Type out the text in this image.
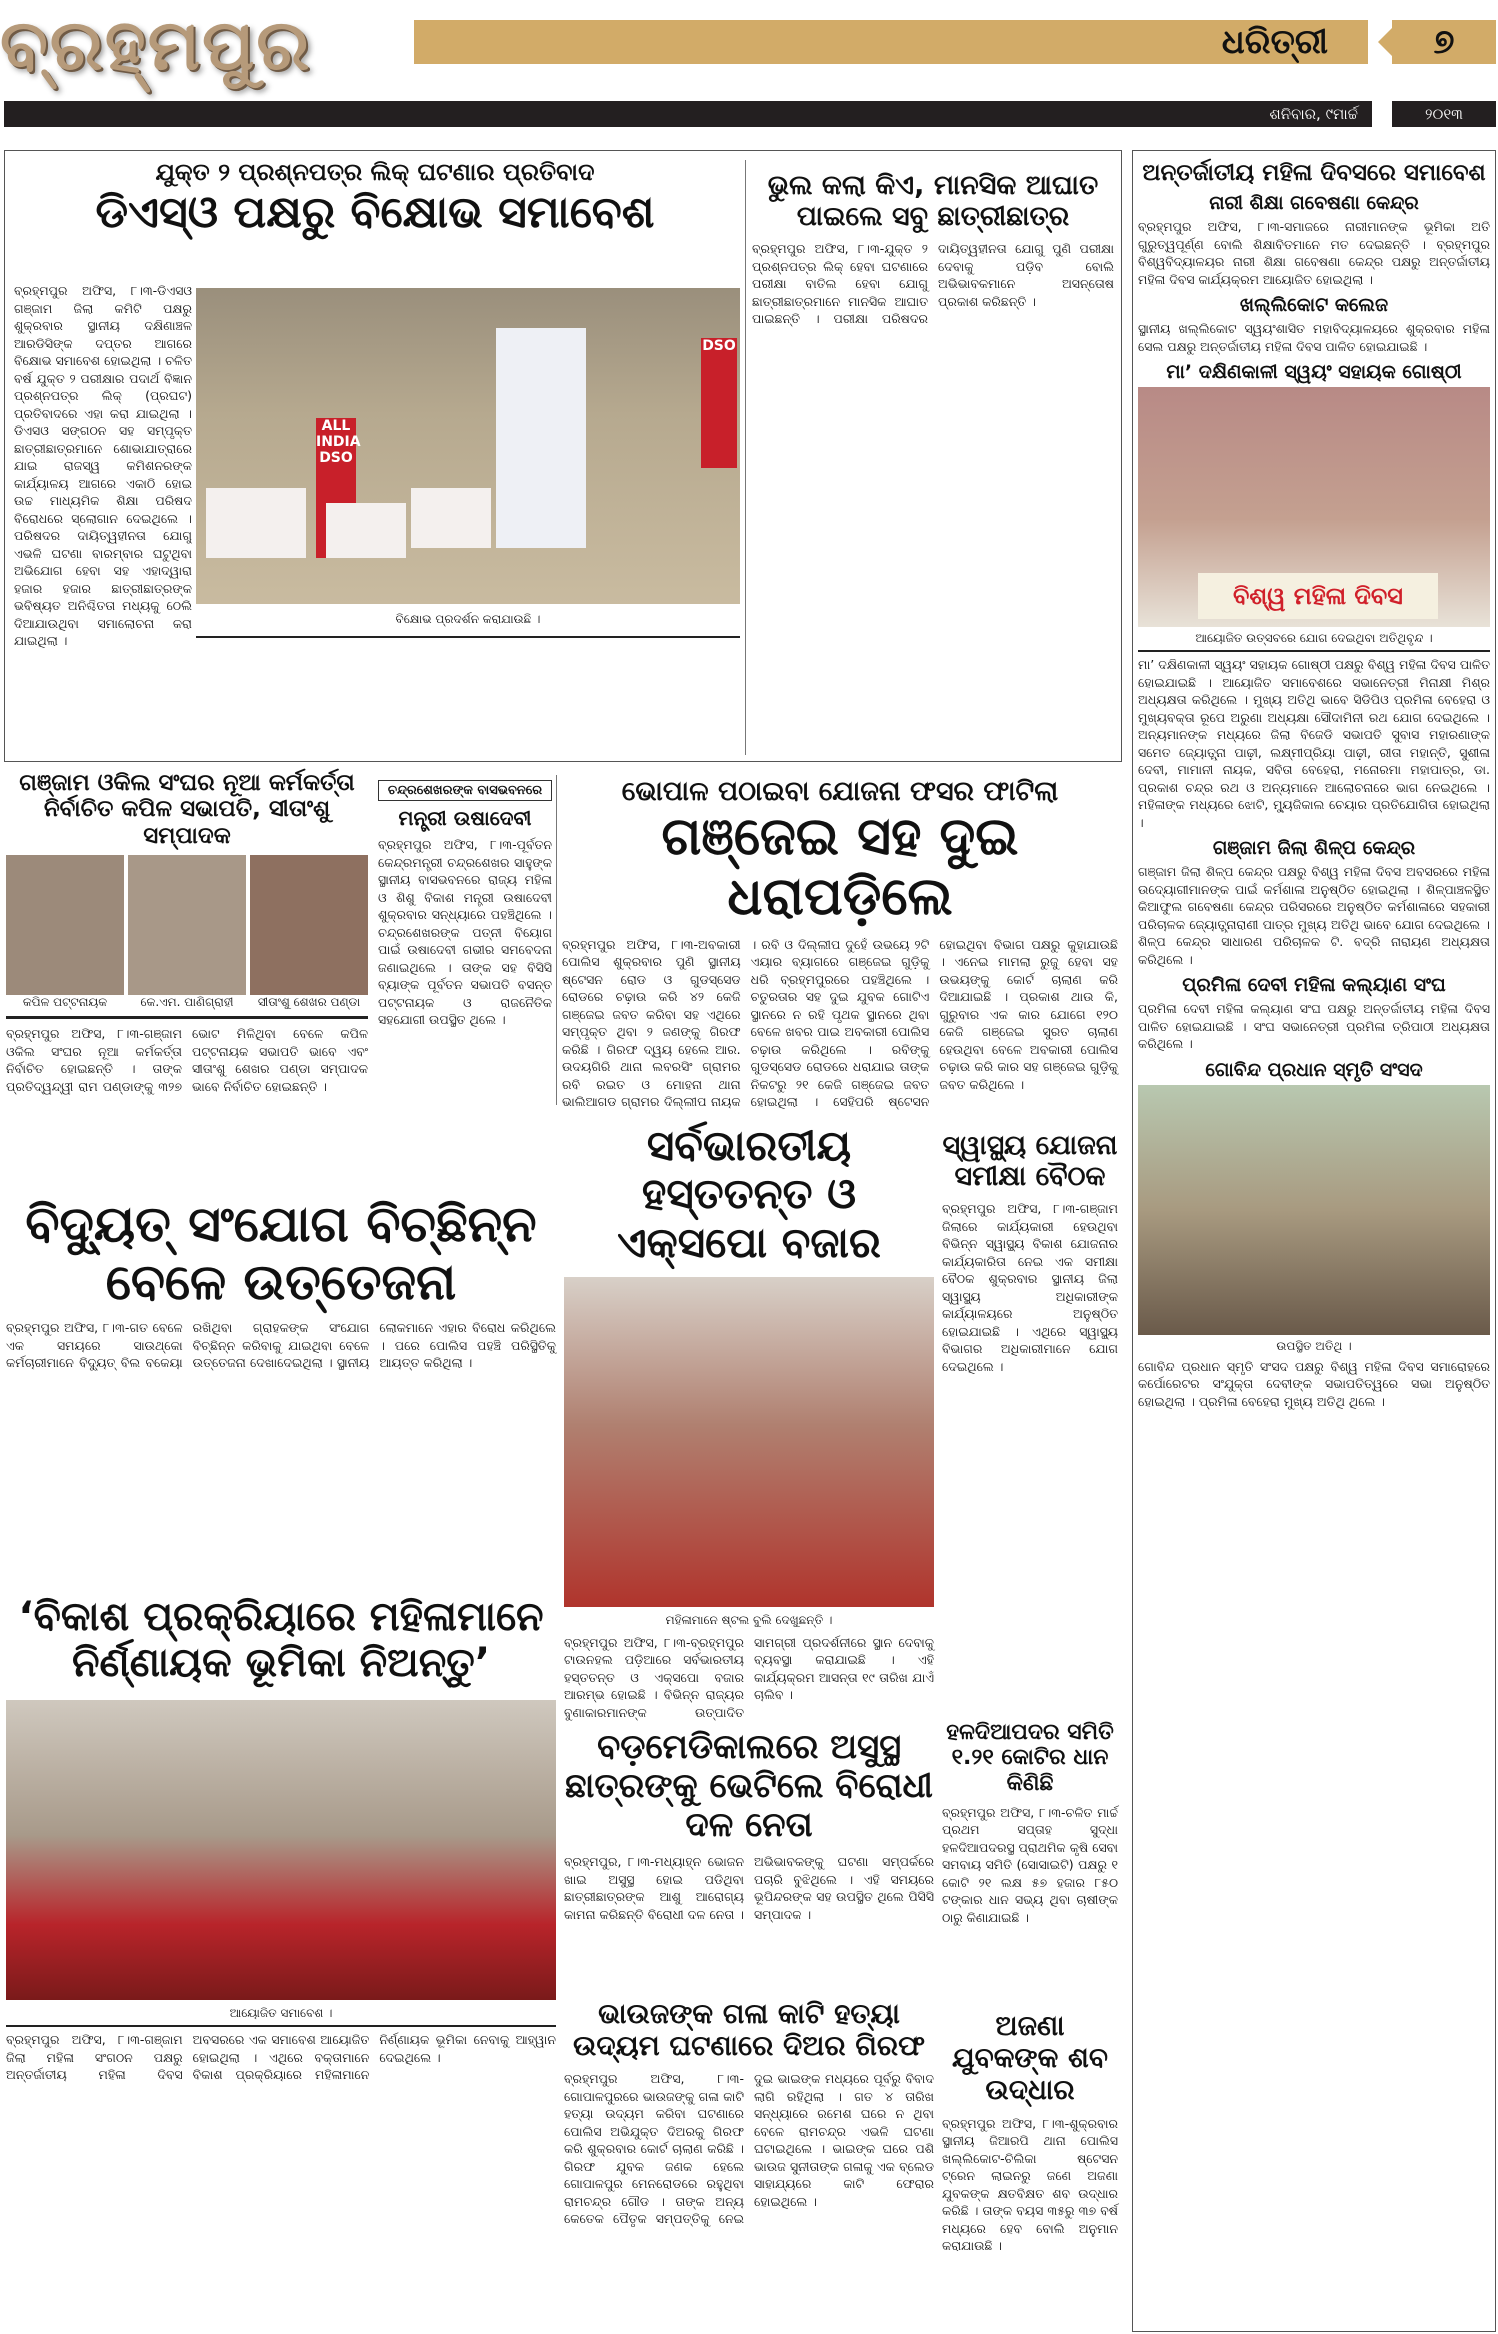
ବ୍ରହ୍ମପୁର	ଧରିତ୍ରୀ	୭
ଶନିବାର, ୯ମାର୍ଚ୍ଚ	୨୦୧୩
ଯୁକ୍ତ ୨ ପ୍ରଶ୍ନପତ୍ର ଲିକ୍ ଘଟଣାର ପ୍ରତିବାଦ
ଡିଏସ୍‌ଓ ପକ୍ଷରୁ ବିକ୍ଷୋଭ ସମାବେଶ
ବ୍ରହ୍ମପୁର ଅଫିସ, ୮।୩-ଡିଏସଓ ଗଞ୍ଜାମ ଜିଲା କମିଟି ପକ୍ଷରୁ ଶୁକ୍ରବାର ସ୍ଥାନୀୟ ଦକ୍ଷିଣାଞ୍ଚଳ ଆରଡିସିଙ୍କ ଦପ୍ତର ଆଗରେ ବିକ୍ଷୋଭ ସମାବେଶ ହୋଇଥିଲା । ଚଳିତ ବର୍ଷ ଯୁକ୍ତ ୨ ପରୀକ୍ଷାର ପଦାର୍ଥ ବିଜ୍ଞାନ ପ୍ରଶ୍ନପତ୍ର ଲିକ୍ (ପ୍ରଘଟ) ପ୍ରତିବାଦରେ ଏହା କରା ଯାଇଥିଲା । ଡିଏସଓ ସଙ୍ଗଠନ ସହ ସମ୍ପୃକ୍ତ ଛାତ୍ରୀଛାତ୍ରମାନେ ଶୋଭାଯାତ୍ରାରେ ଯାଇ ରାଜସ୍ୱ କମିଶନରଙ୍କ କାର୍ଯ୍ୟାଳୟ ଆଗରେ ଏକାଠି ହୋଇ ଉଚ୍ଚ ମାଧ୍ୟମିକ ଶିକ୍ଷା ପରିଷଦ ବିରୋଧରେ ସ୍ଲୋଗାନ ଦେଇଥିଲେ । ପରିଷଦର ଦାୟିତ୍ୱହୀନତା ଯୋଗୁ ଏଭଳି ଘଟଣା ବାରମ୍ବାର ଘଟୁଥିବା ଅଭିଯୋଗ ହେବା ସହ ଏହାଦ୍ୱାରା ହଜାର ହଜାର ଛାତ୍ରୀଛାତ୍ରଙ୍କ ଭବିଷ୍ୟତ ଅନିଶ୍ଚିତତା ମଧ୍ୟକୁ ଠେଲି ଦିଆଯାଉଥିବା ସମାଲୋଚନା କରା ଯାଇଥିଲା ।
ALL INDIA DSO
DSO
ବିକ୍ଷୋଭ ପ୍ରଦର୍ଶନ କରାଯାଉଛି ।
ଭୁଲ କଲା କିଏ, ମାନସିକ ଆଘାତ ପାଇଲେ ସବୁ ଛାତ୍ରୀଛାତ୍ର
ବ୍ରହ୍ମପୁର ଅଫିସ, ୮।୩-ଯୁକ୍ତ ୨ ପ୍ରଶ୍ନପତ୍ର ଲିକ୍ ହେବା ଘଟଣାରେ ପରୀକ୍ଷା ବାତିଲ ହେବା ଯୋଗୁ ଛାତ୍ରୀଛାତ୍ରମାନେ ମାନସିକ ଆଘାତ ପାଇଛନ୍ତି । ପରୀକ୍ଷା ପରିଷଦର ଦାୟିତ୍ୱହୀନତା ଯୋଗୁ ପୁଣି ପରୀକ୍ଷା ଦେବାକୁ ପଡ଼ିବ ବୋଲି ଅଭିଭାବକମାନେ ଅସନ୍ତୋଷ ପ୍ରକାଶ କରିଛନ୍ତି ।
ଗଞ୍ଜାମ ଓକିଲ ସଂଘର ନୂଆ କର୍ମକର୍ତ୍ତା ନିର୍ବାଚିତ କପିଳ ସଭାପତି, ସୀତାଂଶୁ ସମ୍ପାଦକ
କପିଳ ପଟ୍ଟନାୟକ	କେ.ଏମ. ପାଣିଗ୍ରାହୀ	ସୀତାଂଶୁ ଶେଖର ପଣ୍ଡା
ବ୍ରହ୍ମପୁର ଅଫିସ, ୮।୩-ଗଞ୍ଜାମ ଓକିଲ ସଂଘର ନୂଆ କର୍ମକର୍ତ୍ତା ନିର୍ବାଚିତ ହୋଇଛନ୍ତି । ତାଙ୍କ ପ୍ରତିଦ୍ୱନ୍ଦ୍ୱୀ ରାମ ପଣ୍ଡାଙ୍କୁ ୩୨୭ ଭୋଟ ମିଳିଥିବା ବେଳେ କପିଳ ପଟ୍ଟନାୟକ ସଭାପତି ଭାବେ ଏବଂ ସୀତାଂଶୁ ଶେଖର ପଣ୍ଡା ସମ୍ପାଦକ ଭାବେ ନିର୍ବାଚିତ ହୋଇଛନ୍ତି ।
ଚନ୍ଦ୍ରଶେଖରଙ୍କ ବାସଭବନରେ
ମନ୍ତ୍ରୀ ଉଷାଦେବୀ
ବ୍ରହ୍ମପୁର ଅଫିସ, ୮।୩-ପୂର୍ବତନ କେନ୍ଦ୍ରମନ୍ତ୍ରୀ ଚନ୍ଦ୍ରଶେଖର ସାହୁଙ୍କ ସ୍ଥାନୀୟ ବାସଭବନରେ ରାଜ୍ୟ ମହିଳା ଓ ଶିଶୁ ବିକାଶ ମନ୍ତ୍ରୀ ଉଷାଦେବୀ ଶୁକ୍ରବାର ସନ୍ଧ୍ୟାରେ ପହଞ୍ଚିଥିଲେ । ଚନ୍ଦ୍ରଶେଖରଙ୍କ ପତ୍ନୀ ବିୟୋଗ ପାଇଁ ଉଷାଦେବୀ ଗଭୀର ସମବେଦନା ଜଣାଇଥିଲେ । ତାଙ୍କ ସହ ବିସିସି ବ୍ୟାଙ୍କ ପୂର୍ବତନ ସଭାପତି ବସନ୍ତ ପଟ୍ଟନାୟକ ଓ ରାଜନୈତିକ ସହଯୋଗୀ ଉପସ୍ଥିତ ଥିଲେ ।
ଭୋପାଳ ପଠାଇବା ଯୋଜନା ଫସର ଫାଟିଲା
ଗଞ୍ଜେଇ ସହ ଦୁଇ ଧରାପଡ଼ିଲେ
ବ୍ରହ୍ମପୁର ଅଫିସ, ୮।୩-ଅବକାରୀ ପୋଲିସ ଶୁକ୍ରବାର ପୁଣି ସ୍ଥାନୀୟ ଷ୍ଟେସନ ରୋଡ ଓ ଗୁଡସ୍‌ସେଡ ରୋଡରେ ଚଢ଼ାଉ କରି ୪୨ କେଜି ଗଞ୍ଜେଇ ଜବତ କରିବା ସହ ଏଥିରେ ସମ୍ପୃକ୍ତ ଥିବା ୨ ଜଣଙ୍କୁ ଗିରଫ କରିଛି । ଗିରଫ ଦ୍ୱୟ ହେଲେ ଆର. ଉଦୟଗିରି ଥାନା ଲବରସିଂ ଗ୍ରାମର ରବି ରଇତ ଓ ମୋହନା ଥାନା ଭାଲିଆଗଡ ଗ୍ରାମର ଦିଲ୍ଲୀପ ନାୟକ । ରବି ଓ ଦିଲ୍ଲୀପ ଦୁହେଁ ଉଭୟେ ୨ଟି ଏୟାର ବ୍ୟାଗରେ ଗଞ୍ଜେଇ ଗୁଡ଼ିକୁ ଧରି ବ୍ରହ୍ମପୁରରେ ପହଞ୍ଚିଥିଲେ । ଚତୁରତାର ସହ ଦୁଇ ଯୁବକ ଗୋଟିଏ ସ୍ଥାନରେ ନ ରହି ପୃଥକ ସ୍ଥାନରେ ଥିବା ବେଳେ ଖବର ପାଇ ଅବକାରୀ ପୋଲିସ ଚଢ଼ାଉ କରିଥିଲେ । ରବିଙ୍କୁ ଗୁଡସ୍‌ସେଡ ରୋଡରେ ଧରାଯାଇ ତାଙ୍କ ନିକଟରୁ ୨୧ କେଜି ଗଞ୍ଜେଇ ଜବତ ହୋଇଥିଲା । ସେହିପରି ଷ୍ଟେସନ ହୋଇଥିବା ବିଭାଗ ପକ୍ଷରୁ କୁହାଯାଉଛି । ଏନେଇ ମାମଲା ରୁଜୁ ହେବା ସହ ଉଭୟଙ୍କୁ କୋର୍ଟ ଚାଲାଣ କରି ଦିଆଯାଇଛି । ପ୍ରକାଶ ଥାଉ କି, ଗୁରୁବାର ଏକ କାର ଯୋଗେ ୧୨୦ କେଜି ଗଞ୍ଜେଇ ସୁରତ ଚାଲାଣ ହେଉଥିବା ବେଳେ ଅବକାରୀ ପୋଲିସ ଚଢ଼ାଉ କରି କାର ସହ ଗଞ୍ଜେଇ ଗୁଡ଼ିକୁ ଜବତ କରିଥିଲେ ।
ସର୍ବଭାରତୀୟ ହସ୍ତତନ୍ତ ଓ ଏକ୍ସପୋ ବଜାର
ମହିଳାମାନେ ଷ୍ଟଲ ବୁଲି ଦେଖୁଛନ୍ତି ।
ବ୍ରହ୍ମପୁର ଅଫିସ, ୮।୩-ବ୍ରହ୍ମପୁର ଟାଉନହଲ ପଡ଼ିଆରେ ସର୍ବଭାରତୀୟ ହସ୍ତତନ୍ତ ଓ ଏକ୍ସପୋ ବଜାର ଆରମ୍ଭ ହୋଇଛି । ବିଭିନ୍ନ ରାଜ୍ୟର ବୁଣାକାରମାନଙ୍କ ଉତ୍ପାଦିତ ସାମଗ୍ରୀ ପ୍ରଦର୍ଶନୀରେ ସ୍ଥାନ ଦେବାକୁ ବ୍ୟବସ୍ଥା କରାଯାଇଛି । ଏହି କାର୍ଯ୍ୟକ୍ରମ ଆସନ୍ତା ୧୯ ତାରିଖ ଯାଏଁ ଚାଲିବ ।
ସ୍ୱାସ୍ଥ୍ୟ ଯୋଜନା ସମୀକ୍ଷା ବୈଠକ
ବ୍ରହ୍ମପୁର ଅଫିସ, ୮।୩-ଗଞ୍ଜାମ ଜିଲାରେ କାର୍ଯ୍ୟକାରୀ ହେଉଥିବା ବିଭିନ୍ନ ସ୍ୱାସ୍ଥ୍ୟ ବିକାଶ ଯୋଜନାର କାର୍ଯ୍ୟକାରିତା ନେଇ ଏକ ସମୀକ୍ଷା ବୈଠକ ଶୁକ୍ରବାର ସ୍ଥାନୀୟ ଜିଲା ସ୍ୱାସ୍ଥ୍ୟ ଅଧିକାରୀଙ୍କ କାର୍ଯ୍ୟାଳୟରେ ଅନୁଷ୍ଠିତ ହୋଇଯାଇଛି । ଏଥିରେ ସ୍ୱାସ୍ଥ୍ୟ ବିଭାଗର ଅଧିକାରୀମାନେ ଯୋଗ ଦେଇଥିଲେ ।
ବିଦ୍ୟୁତ୍ ସଂଯୋଗ ବିଚ୍ଛିନ୍ନ ବେଳେ ଉତ୍ତେଜନା
ବ୍ରହ୍ମପୁର ଅଫିସ, ୮।୩-ଗତ ବେଳେ ଏକ ସମୟରେ ସାଉଥ୍‌କୋ କର୍ମଚାରୀମାନେ ବିଦ୍ୟୁତ୍ ବିଲ ବକେୟା ରଖିଥିବା ଗ୍ରାହକଙ୍କ ସଂଯୋଗ ବିଚ୍ଛିନ୍ନ କରିବାକୁ ଯାଇଥିବା ବେଳେ ଉତ୍ତେଜନା ଦେଖାଦେଇଥିଲା । ସ୍ଥାନୀୟ ଲୋକମାନେ ଏହାର ବିରୋଧ କରିଥିଲେ । ପରେ ପୋଲିସ ପହଞ୍ଚି ପରିସ୍ଥିତିକୁ ଆୟତ୍ତ କରିଥିଲା ।
‘ବିକାଶ ପ୍ରକ୍ରିୟାରେ ମହିଳାମାନେ ନିର୍ଣ୍ଣାୟକ ଭୂମିକା ନିଅନ୍ତୁ’
ଆୟୋଜିତ ସମାବେଶ ।
ବ୍ରହ୍ମପୁର ଅଫିସ, ୮।୩-ଗଞ୍ଜାମ ଜିଲା ମହିଳା ସଂଗଠନ ପକ୍ଷରୁ ଅନ୍ତର୍ଜାତୀୟ ମହିଳା ଦିବସ ଅବସରରେ ଏକ ସମାବେଶ ଆୟୋଜିତ ହୋଇଥିଲା । ଏଥିରେ ବକ୍ତାମାନେ ବିକାଶ ପ୍ରକ୍ରିୟାରେ ମହିଳାମାନେ ନିର୍ଣ୍ଣାୟକ ଭୂମିକା ନେବାକୁ ଆହ୍ୱାନ ଦେଇଥିଲେ ।
ବଡ଼ମେଡିକାଲରେ ଅସୁସ୍ଥ ଛାତ୍ରଙ୍କୁ ଭେଟିଲେ ବିରୋଧୀ ଦଳ ନେତା
ବ୍ରହ୍ମପୁର, ୮।୩-ମଧ୍ୟାହ୍ନ ଭୋଜନ ଖାଇ ଅସୁସ୍ଥ ହୋଇ ପଡିଥିବା ଛାତ୍ରୀଛାତ୍ରଙ୍କ ଆଶୁ ଆରୋଗ୍ୟ କାମନା କରିଛନ୍ତି ବିରୋଧୀ ଦଳ ନେତା । ଅଭିଭାବକଙ୍କୁ ଘଟଣା ସମ୍ପର୍କରେ ପଚାରି ବୁଝିଥିଲେ । ଏହି ସମୟରେ ଭୂପିନ୍ଦରଙ୍କ ସହ ଉପସ୍ଥିତ ଥିଲେ ପିସିସି ସମ୍ପାଦକ ।
ଭାଉଜଙ୍କ ଗଳା କାଟି ହତ୍ୟା ଉଦ୍ୟମ ଘଟଣାରେ ଦିଅର ଗିରଫ
ବ୍ରହ୍ମପୁର ଅଫିସ, ୮।୩- ଗୋପାଳପୁରରେ ଭାଉଜଙ୍କୁ ଗଳା କାଟି ହତ୍ୟା ଉଦ୍ୟମ କରିବା ଘଟଣାରେ ପୋଲିସ ଅଭିଯୁକ୍ତ ଦିଅରକୁ ଗିରଫ କରି ଶୁକ୍ରବାର କୋର୍ଟ ଚାଲାଣ କରିଛି । ଗିରଫ ଯୁବକ ଜଣକ ହେଲେ ଗୋପାଳପୁର ମେନରୋଡରେ ରହୁଥିବା ରାମଚନ୍ଦ୍ର ଗୌଡ । ତାଙ୍କ ଅନ୍ୟ କେତେକ ପୈତୃକ ସମ୍ପତ୍ତିକୁ ନେଇ ଦୁଇ ଭାଇଙ୍କ ମଧ୍ୟରେ ପୂର୍ବରୁ ବିବାଦ ଲାଗି ରହିଥିଲା । ଗତ ୪ ତାରିଖ ସନ୍ଧ୍ୟାରେ ରମେଶ ଘରେ ନ ଥିବା ବେଳେ ରାମଚନ୍ଦ୍ର ଏଭଳି ଘଟଣା ଘଟାଇଥିଲେ । ଭାଇଙ୍କ ଘରେ ପଶି ଭାଉଜ ସୁନୀତାଙ୍କ ଗଳାକୁ ଏକ ବ୍ଲେଡ ସାହାଯ୍ୟରେ କାଟି ଫେରାର ହୋଇଥିଲେ ।
ହଳଦିଆପଦର ସମିତି ୧.୨୧ କୋଟିର ଧାନ କିଣିଛି
ବ୍ରହ୍ମପୁର ଅଫିସ, ୮।୩-ଚଳିତ ମାର୍ଚ୍ଚ ପ୍ରଥମ ସପ୍ତାହ ସୁଦ୍ଧା ହଳଦିଆପଦରସ୍ଥ ପ୍ରାଥମିକ କୃଷି ସେବା ସମବାୟ ସମିତି (ସୋସାଇଟି) ପକ୍ଷରୁ ୧ କୋଟି ୨୧ ଲକ୍ଷ ୫୭ ହଜାର ୮୫୦ ଟଙ୍କାର ଧାନ ସଭ୍ୟ ଥିବା ଚାଷୀଙ୍କ ଠାରୁ କିଣାଯାଇଛି ।
ଅଜଣା ଯୁବକଙ୍କ ଶବ ଉଦ୍ଧାର
ବ୍ରହ୍ମପୁର ଅଫିସ, ୮।୩-ଶୁକ୍ରବାର ସ୍ଥାନୀୟ ଜିଆରପି ଥାନା ପୋଲିସ ଖଲ୍ଲିକୋଟ-ଚିଲିକା ଷ୍ଟେସନ ଟ୍ରେନ ଲାଇନରୁ ଜଣେ ଅଜଣା ଯୁବକଙ୍କ କ୍ଷତବିକ୍ଷତ ଶବ ଉଦ୍ଧାର କରିଛି । ତାଙ୍କ ବୟସ ୩୫ରୁ ୩୭ ବର୍ଷ ମଧ୍ୟରେ ହେବ ବୋଲି ଅନୁମାନ କରାଯାଉଛି ।
ଅନ୍ତର୍ଜାତୀୟ ମହିଳା ଦିବସରେ ସମାବେଶ
ନାରୀ ଶିକ୍ଷା ଗବେଷଣା କେନ୍ଦ୍ର
ବ୍ରହ୍ମପୁର ଅଫିସ, ୮।୩-ସମାଜରେ ନାରୀମାନଙ୍କ ଭୂମିକା ଅତି ଗୁରୁତ୍ୱପୂର୍ଣ୍ଣ ବୋଲି ଶିକ୍ଷାବିତମାନେ ମତ ଦେଇଛନ୍ତି । ବ୍ରହ୍ମପୁର ବିଶ୍ୱବିଦ୍ୟାଳୟର ନାରୀ ଶିକ୍ଷା ଗବେଷଣା କେନ୍ଦ୍ର ପକ୍ଷରୁ ଅନ୍ତର୍ଜାତୀୟ ମହିଳା ଦିବସ କାର୍ଯ୍ୟକ୍ରମ ଆୟୋଜିତ ହୋଇଥିଲା ।
ଖଲ୍ଲିକୋଟ କଲେଜ
ସ୍ଥାନୀୟ ଖଲ୍ଲିକୋଟ ସ୍ୱୟଂଶାସିତ ମହାବିଦ୍ୟାଳୟରେ ଶୁକ୍ରବାର ମହିଳା ସେଲ ପକ୍ଷରୁ ଅନ୍ତର୍ଜାତୀୟ ମହିଳା ଦିବସ ପାଳିତ ହୋଇଯାଇଛି ।
ମା’ ଦକ୍ଷିଣକାଳୀ ସ୍ୱୟଂ ସହାୟକ ଗୋଷ୍ଠୀ
ବିଶ୍ୱ ମହିଳା ଦିବସ
ଆୟୋଜିତ ଉତ୍ସବରେ ଯୋଗ ଦେଇଥିବା ଅତିଥିବୃନ୍ଦ ।
ମା’ ଦକ୍ଷିଣକାଳୀ ସ୍ୱୟଂ ସହାୟକ ଗୋଷ୍ଠୀ ପକ୍ଷରୁ ବିଶ୍ୱ ମହିଳା ଦିବସ ପାଳିତ ହୋଇଯାଇଛି । ଆୟୋଜିତ ସମାବେଶରେ ସଭାନେତ୍ରୀ ମିନାକ୍ଷୀ ମିଶ୍ର ଅଧ୍ୟକ୍ଷତା କରିଥିଲେ । ମୁଖ୍ୟ ଅତିଥି ଭାବେ ସିଡିପିଓ ପ୍ରମିଳା ବେହେରା ଓ ମୁଖ୍ୟବକ୍ତା ରୂପେ ଅରୁଣା ଅଧ୍ୟକ୍ଷା ସୌଦାମିନୀ ରଥ ଯୋଗ ଦେଇଥିଲେ । ଅନ୍ୟମାନଙ୍କ ମଧ୍ୟରେ ଜିଲା ବିଜେଡି ସଭାପତି ସୁବାସ ମହାରଣାଙ୍କ ସମେତ ଜ୍ୟୋତ୍ସ୍ନା ପାଢ଼ୀ, ଲକ୍ଷ୍ମୀପ୍ରିୟା ପାଢ଼ୀ, ରୀତା ମହାନ୍ତି, ସୁଶୀଳା ଦେବୀ, ମାମାନୀ ନାୟକ, ସବିତା ବେହେରା, ମନୋରମା ମହାପାତ୍ର, ଡା. ପ୍ରକାଶ ଚନ୍ଦ୍ର ରଥ ଓ ଅନ୍ୟମାନେ ଆଲୋଚନାରେ ଭାଗ ନେଇଥିଲେ । ମହିଳାଙ୍କ ମଧ୍ୟରେ ଝୋଟି, ମ୍ୟୁଜିକାଲ ଚେୟାର ପ୍ରତିଯୋଗିତା ହୋଇଥିଲା ।
ଗଞ୍ଜାମ ଜିଲା ଶିଳ୍ପ କେନ୍ଦ୍ର
ଗଞ୍ଜାମ ଜିଲା ଶିଳ୍ପ କେନ୍ଦ୍ର ପକ୍ଷରୁ ବିଶ୍ୱ ମହିଳା ଦିବସ ଅବସରରେ ମହିଳା ଉଦ୍ୟୋଗୀମାନଙ୍କ ପାଇଁ କର୍ମଶାଳା ଅନୁଷ୍ଠିତ ହୋଇଥିଲା । ଶିଳ୍ପାଞ୍ଚଳସ୍ଥିତ କିଆଫୁଲ ଗବେଷଣା କେନ୍ଦ୍ର ପରିସରରେ ଅନୁଷ୍ଠିତ କର୍ମଶାଳାରେ ସହକାରୀ ପରିଚାଳକ ଜ୍ୟୋତ୍ସ୍ନାରାଣୀ ପାତ୍ର ମୁଖ୍ୟ ଅତିଥି ଭାବେ ଯୋଗ ଦେଇଥିଲେ । ଶିଳ୍ପ କେନ୍ଦ୍ର ସାଧାରଣ ପରିଚାଳକ ଟି. ବଦ୍ରି ନାରାୟଣ ଅଧ୍ୟକ୍ଷତା କରିଥିଲେ ।
ପ୍ରମିଳା ଦେବୀ ମହିଳା କଲ୍ୟାଣ ସଂଘ
ପ୍ରମିଳା ଦେବୀ ମହିଳା କଲ୍ୟାଣ ସଂଘ ପକ୍ଷରୁ ଅନ୍ତର୍ଜାତୀୟ ମହିଳା ଦିବସ ପାଳିତ ହୋଇଯାଇଛି । ସଂଘ ସଭାନେତ୍ରୀ ପ୍ରମିଳା ତ୍ରିପାଠୀ ଅଧ୍ୟକ୍ଷତା କରିଥିଲେ ।
ଗୋବିନ୍ଦ ପ୍ରଧାନ ସ୍ମୃତି ସଂସଦ
ଉପସ୍ଥିତ ଅତିଥି ।
ଗୋବିନ୍ଦ ପ୍ରଧାନ ସ୍ମୃତି ସଂସଦ ପକ୍ଷରୁ ବିଶ୍ୱ ମହିଳା ଦିବସ ସମାରୋହରେ କର୍ପୋରେଟର ସଂଯୁକ୍ତା ଦେବୀଙ୍କ ସଭାପତିତ୍ୱରେ ସଭା ଅନୁଷ୍ଠିତ ହୋଇଥିଲା । ପ୍ରମିଳା ବେହେରା ମୁଖ୍ୟ ଅତିଥି ଥିଲେ ।
